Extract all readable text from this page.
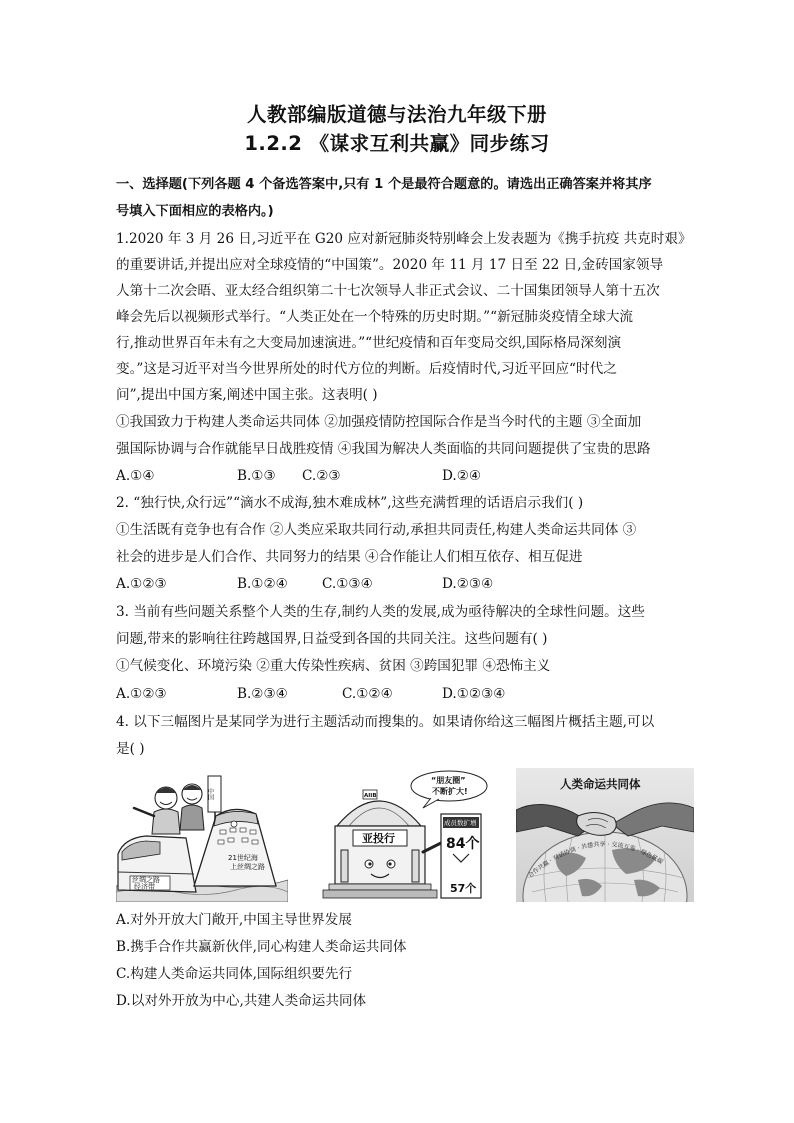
人教部编版道德与法治九年级下册
1.2.2 《谋求互利共赢》同步练习
一、选择题(下列各题 4 个备选答案中,只有 1 个是最符合题意的。请选出正确答案并将其序
号填入下面相应的表格内。)
1.2020 年 3 月 26 日,习近平在 G20 应对新冠肺炎特别峰会上发表题为《携手抗疫 共克时艰》
的重要讲话,并提出应对全球疫情的“中国策”。2020 年 11 月 17 日至 22 日,金砖国家领导
人第十二次会晤、亚太经合组织第二十七次领导人非正式会议、二十国集团领导人第十五次
峰会先后以视频形式举行。“人类正处在一个特殊的历史时期。”“新冠肺炎疫情全球大流
行,推动世界百年未有之大变局加速演进。”“世纪疫情和百年变局交织,国际格局深刻演
变。”这是习近平对当今世界所处的时代方位的判断。后疫情时代,习近平回应“时代之
问”,提出中国方案,阐述中国主张。这表明( )
①我国致力于构建人类命运共同体 ②加强疫情防控国际合作是当今时代的主题 ③全面加
强国际协调与合作就能早日战胜疫情 ④我国为解决人类面临的共同问题提供了宝贵的思路
A.①④	B.①③ C.②③	D.②④
2. “独行快,众行远”“滴水不成海,独木难成林”,这些充满哲理的话语启示我们( )
①生活既有竞争也有合作 ②人类应采取共同行动,承担共同责任,构建人类命运共同体 ③
社会的进步是人们合作、共同努力的结果 ④合作能让人们相互依存、相互促进
A.①②③	B.①②④	C.①③④	D.②③④
3. 当前有些问题关系整个人类的生存,制约人类的发展,成为亟待解决的全球性问题。这些
问题,带来的影响往往跨越国界,日益受到各国的共同关注。这些问题有( )
①气候变化、环境污染 ②重大传染性疾病、贫困 ③跨国犯罪 ④恐怖主义
A.①②③	B.②③④	C.①②④	D.①②③④
4. 以下三幅图片是某同学为进行主题活动而搜集的。如果请你给这三幅图片概括主题,可以
是( )
丝绸之路
经济带
中国
21世纪海
上丝绸之路
“朋友圈”
不断扩大!
AIIB
亚投行
成员数扩增
84个
57个
人类命运共同体
合作共赢 · 对话协商 · 共建共享 · 交流互鉴 · 绿色低碳
A.对外开放大门敞开,中国主导世界发展
B.携手合作共赢新伙伴,同心构建人类命运共同体
C.构建人类命运共同体,国际组织要先行
D.以对外开放为中心,共建人类命运共同体
